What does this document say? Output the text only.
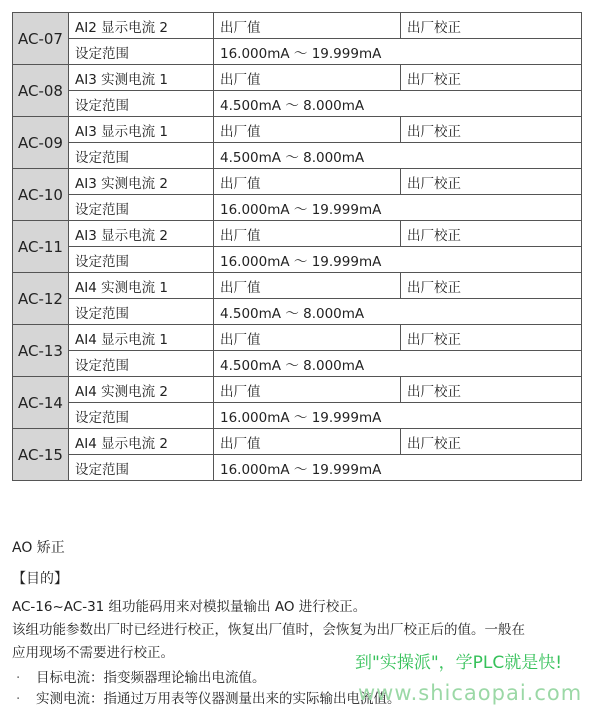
AC-07	AI2 显示电流 2	出厂值	出厂校正
	设定范围	16.000mA ～ 19.999mA	
AC-08	AI3 实测电流 1	出厂值	出厂校正
	设定范围	4.500mA ～ 8.000mA	
AC-09	AI3 显示电流 1	出厂值	出厂校正
	设定范围	4.500mA ～ 8.000mA	
AC-10	AI3 实测电流 2	出厂值	出厂校正
	设定范围	16.000mA ～ 19.999mA	
AC-11	AI3 显示电流 2	出厂值	出厂校正
	设定范围	16.000mA ～ 19.999mA	
AC-12	AI4 实测电流 1	出厂值	出厂校正
	设定范围	4.500mA ～ 8.000mA	
AC-13	AI4 显示电流 1	出厂值	出厂校正
	设定范围	4.500mA ～ 8.000mA	
AC-14	AI4 实测电流 2	出厂值	出厂校正
	设定范围	16.000mA ～ 19.999mA	
AC-15	AI4 显示电流 2	出厂值	出厂校正
	设定范围	16.000mA ～ 19.999mA	
AO 矫正
【目的】
AC-16~AC-31 组功能码用来对模拟量输出 AO 进行校正。
该组功能参数出厂时已经进行校正，恢复出厂值时，会恢复为出厂校正后的值。一般在
应用现场不需要进行校正。
· 目标电流：指变频器理论输出电流值。
· 实测电流：指通过万用表等仪器测量出来的实际输出电流值。
到"实操派"，学PLC就是快!
www.shicaopai.com
